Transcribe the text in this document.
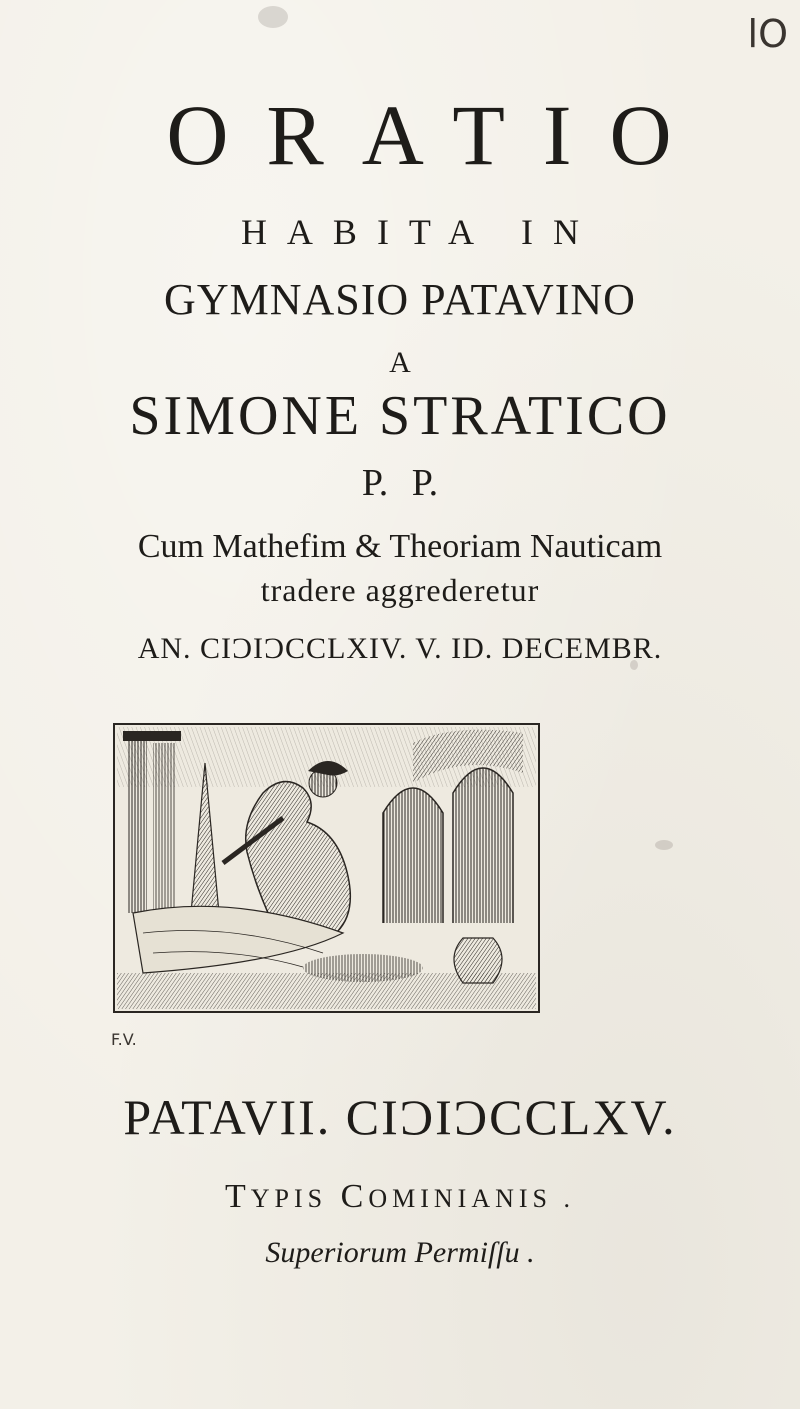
lO
ORATIO
HABITA IN
GYMNASIO PATAVINO
A
SIMONE STRATICO
P. P.
Cum Mathefim & Theoriam Nauticam
tradere aggrederetur
AN. CIƆIƆCCLXIV. V. ID. DECEMBR.
F.V.
PATAVII. CIƆIƆCCLXV.
TYPIS COMINIANIS .
Superiorum Permiſſu .
